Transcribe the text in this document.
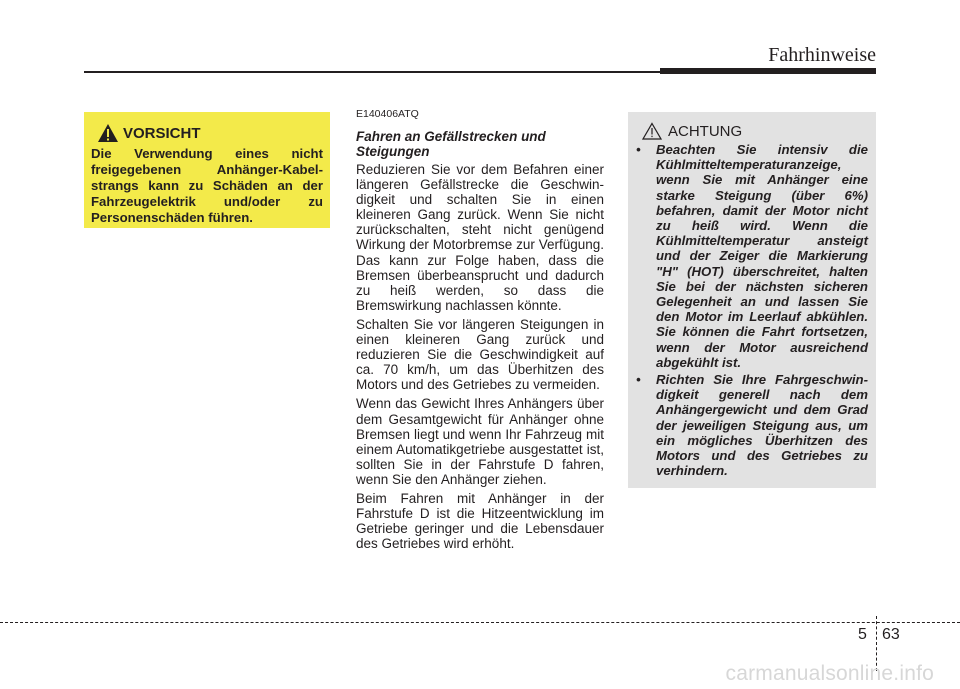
Fahrhinweise
VORSICHT
Die Verwendung eines nicht freigegebenen Anhänger-Kabel-strangs kann zu Schäden an der Fahrzeugelektrik und/oder zu Personenschäden führen.
E140406ATQ
Fahren an Gefällstrecken und Steigungen

Reduzieren Sie vor dem Befahren einer längeren Gefällstrecke die Geschwin-digkeit und schalten Sie in einen kleineren Gang zurück. Wenn Sie nicht zurückschalten, steht nicht genügend Wirkung der Motorbremse zur Verfügung. Das kann zur Folge haben, dass die Bremsen überbeansprucht und dadurch zu heiß werden, so dass die Bremswirkung nachlassen könnte.

Schalten Sie vor längeren Steigungen in einen kleineren Gang zurück und reduzieren Sie die Geschwindigkeit auf ca. 70 km/h, um das Überhitzen des Motors und des Getriebes zu vermeiden.

Wenn das Gewicht Ihres Anhängers über dem Gesamtgewicht für Anhänger ohne Bremsen liegt und wenn Ihr Fahrzeug mit einem Automatikgetriebe ausgestattet ist, sollten Sie in der Fahrstufe D fahren, wenn Sie den Anhänger ziehen.

Beim Fahren mit Anhänger in der Fahrstufe D ist die Hitzeentwicklung im Getriebe geringer und die Lebensdauer des Getriebes wird erhöht.

ACHTUNG
• Beachten Sie intensiv die Kühlmitteltemperaturanzeige, wenn Sie mit Anhänger eine starke Steigung (über 6%) befahren, damit der Motor nicht zu heiß wird. Wenn die Kühlmitteltemperatur ansteigt und der Zeiger die Markierung "H" (HOT) überschreitet, halten Sie bei der nächsten sicheren Gelegenheit an und lassen Sie den Motor im Leerlauf abkühlen. Sie können die Fahrt fortsetzen, wenn der Motor ausreichend abgekühlt ist.
• Richten Sie Ihre Fahrgeschwin-digkeit generell nach dem Anhängergewicht und dem Grad der jeweiligen Steigung aus, um ein mögliches Überhitzen des Motors und des Getriebes zu verhindern.
5 63
carmanualsonline.info
